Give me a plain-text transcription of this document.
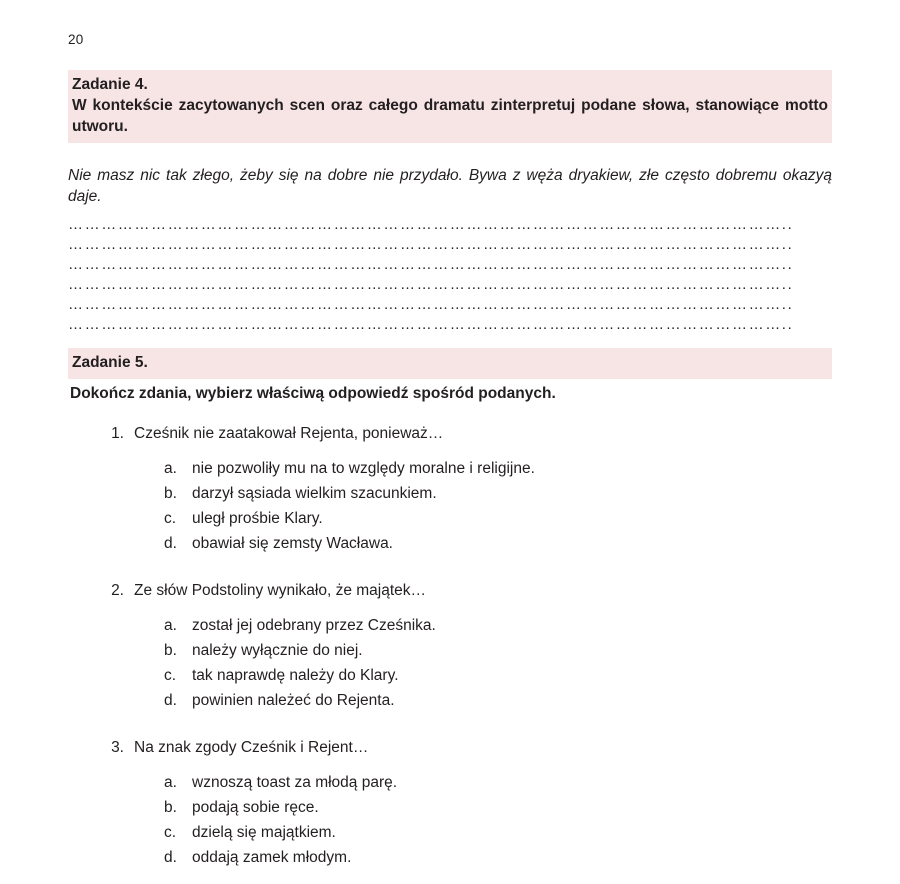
20
Zadanie 4.
W kontekście zacytowanych scen oraz całego dramatu zinterpretuj podane słowa, stanowiące motto utworu.
Nie masz nic tak złego, żeby się na dobre nie przydało. Bywa z węża dryakiew, złe często dobremu okazyą daje.
…………………………………………………………………………………………………………………..
…………………………………………………………………………………………………………………..
…………………………………………………………………………………………………………………..
…………………………………………………………………………………………………………………..
…………………………………………………………………………………………………………………..
…………………………………………………………………………………………………………………..
Zadanie 5.
Dokończ zdania, wybierz właściwą odpowiedź spośród podanych.
1. Cześnik nie zaatakował Rejenta, ponieważ…
a. nie pozwoliły mu na to względy moralne i religijne.
b. darzył sąsiada wielkim szacunkiem.
c.	uległ prośbie Klary.
d. obawiał się zemsty Wacława.
2. Ze słów Podstoliny wynikało, że majątek…
a. został jej odebrany przez Cześnika.
b. należy wyłącznie do niej.
c.	tak naprawdę należy do Klary.
d. powinien należeć do Rejenta.
3. Na znak zgody Cześnik i Rejent…
a. wznoszą toast za młodą parę.
b. podają sobie ręce.
c.	dzielą się majątkiem.
d. oddają zamek młodym.
